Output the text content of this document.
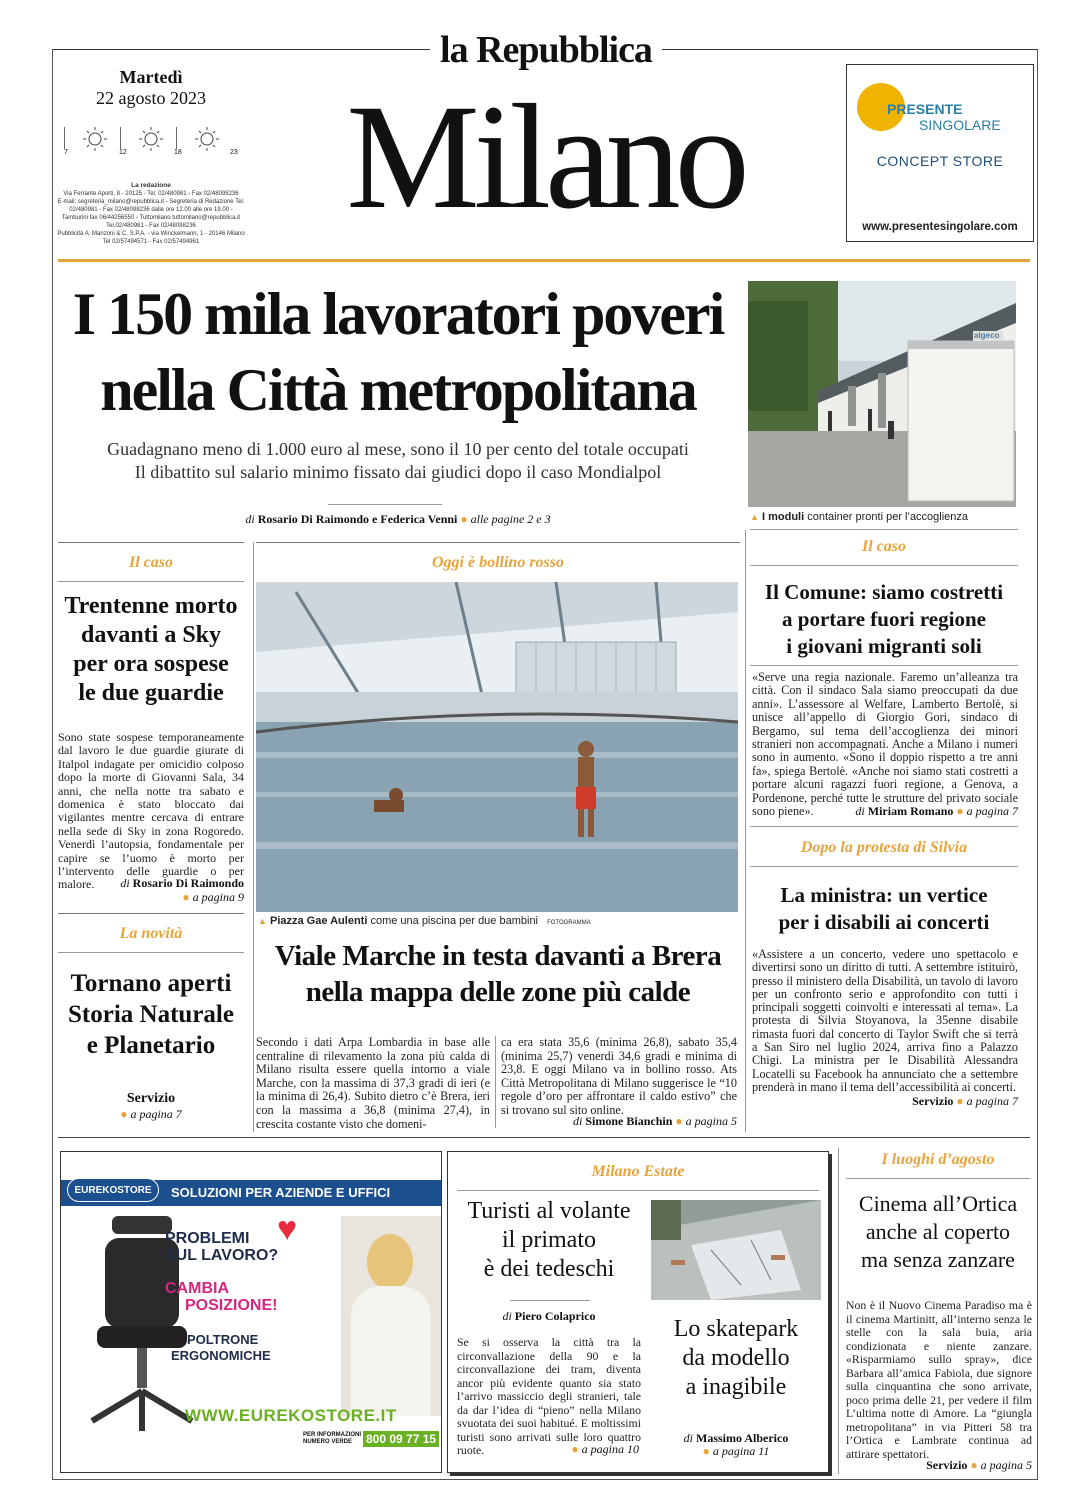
la Repubblica
Martedì
22 agosto 2023
7	12	18	23
La redazione
Via Ferrante Aporti, 8 - 20125 - Tel. 02/480981 - Fax 02/48098236
E-mail: segreteria_milano@repubblica.it - Segreteria di Redazione Tel.
02/480981 - Fax 02/48098236 dalle ore 12.00 alle ore 19.00 -
Tamburini fax 06/44256550 - Tuttomilano tuttomilano@repubblica.it
Tel.02/480981 - Fax 02/48098236
Pubblicità A. Manzoni & C. S.P.A. - via Winckelmann, 1 - 20146 Milano
Tel 02/57494571 - Fax 02/57494961
Milano	PRESENTE
SINGOLARE
CONCEPT STORE
www.presentesingolare.com
I 150 mila lavoratori poveri
nella Città metropolitana
Guadagnano meno di 1.000 euro al mese, sono il 10 per cento del totale occupati
Il dibattito sul salario minimo fissato dai giudici dopo il caso Mondialpol
di Rosario Di Raimondo e Federica Venni ● alle pagine 2 e 3
algeco
▲ I moduli container pronti per l’accoglienza
Il caso
Trentenne morto
davanti a Sky
per ora sospese
le due guardie
Sono state sospese temporaneamente dal lavoro le due guardie giurate di Italpol indagate per omicidio colposo dopo la morte di Giovanni Sala, 34 anni, che nella notte tra sabato e domenica è stato bloccato dai vigilantes mentre cercava di entrare nella sede di Sky in zona Rogoredo. Venerdì l’autopsia, fondamentale per capire se l’uomo è morto per l’intervento delle guardie o per malore.	di Rosario Di Raimondo
● a pagina 9
La novità
Tornano aperti
Storia Naturale
e Planetario
Servizio
● a pagina 7
Oggi è bollino rosso
▲ Piazza Gae Aulenti come una piscina per due bambini FOTOGRAMMA
Viale Marche in testa davanti a Brera
nella mappa delle zone più calde
Secondo i dati Arpa Lombardia in base alle centraline di rilevamento la zona più calda di Milano risulta essere quella intorno a viale Marche, con la massima di 37,3 gradi di ieri (e la minima di 26,4). Subito dietro c’è Brera, ieri con la massima a 36,8 (minima 27,4), in crescita costante visto che domeni-
ca era stata 35,6 (minima 26,8), sabato 35,4 (minima 25,7) venerdì 34,6 gradi e minima di 23,8. E oggi Milano va in bollino rosso. Ats Città Metropolitana di Milano suggerisce le “10 regole d’oro per affrontare il caldo estivo” che si trovano sul sito online.
di Simone Bianchin ● a pagina 5
Il caso
Il Comune: siamo costretti
a portare fuori regione
i giovani migranti soli
«Serve una regia nazionale. Faremo un’alleanza tra città. Con il sindaco Sala siamo preoccupati da due anni». L’assessore al Welfare, Lamberto Bertolè, si unisce all’appello di Giorgio Gori, sindaco di Bergamo, sul tema dell’accoglienza dei minori stranieri non accompagnati. Anche a Milano i numeri sono in aumento. «Sono il doppio rispetto a tre anni fa», spiega Bertolè. «Anche noi siamo stati costretti a portare alcuni ragazzi fuori regione, a Genova, a Pordenone, perché tutte le strutture del privato sociale sono piene».	di Miriam Romano ● a pagina 7
Dopo la protesta di Silvia
La ministra: un vertice
per i disabili ai concerti
«Assistere a un concerto, vedere uno spettacolo e divertirsi sono un diritto di tutti. A settembre istituirò, presso il ministero della Disabilità, un tavolo di lavoro per un confronto serio e approfondito con tutti i principali soggetti coinvolti e interessati al tema». La protesta di Silvia Stoyanova, la 35enne disabile rimasta fuori dal concerto di Taylor Swift che si terrà a San Siro nel luglio 2024, arriva fino a Palazzo Chigi. La ministra per le Disabilità Alessandra Locatelli su Facebook ha annunciato che a settembre prenderà in mano il tema dell’accessibilità ai concerti.
Servizio ● a pagina 7
EUREKOSTORE	SOLUZIONI PER AZIENDE E UFFICI
♥
PROBLEMI
SUL LAVORO?
CAMBIA
POSIZIONE!
POLTRONE
ERGONOMICHE
WWW.EUREKOSTORE.IT
PER INFORMAZIONI
NUMERO VERDE 800 09 77 15
Milano Estate
Turisti al volante
il primato
è dei tedeschi
di Piero Colaprico
Se si osserva la città tra la circonvallazione della 90 e la circonvallazione dei tram, diventa ancor più evidente quanto sia stato l’arrivo massiccio degli stranieri, tale da dar l’idea di “pieno” nella Milano svuotata dei suoi habitué. E moltissimi turisti sono arrivati sulle loro quattro ruote.	● a pagina 10
Lo skatepark
da modello
a inagibile
di Massimo Alberico
● a pagina 11
I luoghi d’agosto
Cinema all’Ortica
anche al coperto
ma senza zanzare
Non è il Nuovo Cinema Paradiso ma è il cinema Martinitt, all’interno senza le stelle con la sala buia, aria condizionata e niente zanzare. «Risparmiamo sullo spray», dice Barbara all’amica Fabiola, due signore sulla cinquantina che sono arrivate, poco prima delle 21, per vedere il film L’ultima notte di Amore. La “giungla metropolitana” in via Pitteri 58 tra l’Ortica e Lambrate continua ad attirare spettatori.
Servizio ● a pagina 5
